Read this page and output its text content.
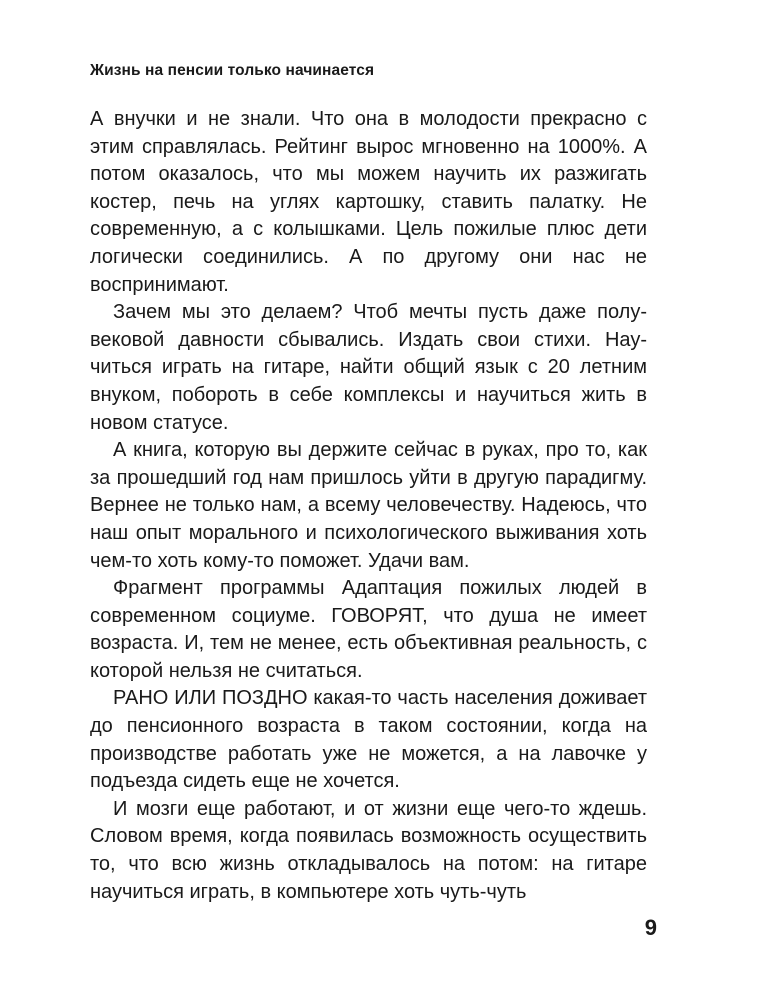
Жизнь на пенсии только начинается

А внучки и не знали. Что она в молодости прекрасно с этим справлялась. Рейтинг вырос мгновенно на 1000%. А потом оказалось, что мы можем научить их разжигать костер, печь на углях картошку, ставить палатку. Не современную, а с колышками. Цель пожилые плюс дети логически соединились. А по другому они нас не воспринимают.

Зачем мы это делаем? Чтоб мечты пусть даже полувековой давности сбывались. Издать свои стихи. Научиться играть на гитаре, найти общий язык с 20 летним внуком, побороть в себе комплексы и научиться жить в новом статусе.

А книга, которую вы держите сейчас в руках, про то, как за прошедший год нам пришлось уйти в другую парадигму. Вернее не только нам, а всему человечеству. Надеюсь, что наш опыт морального и психологического выживания хоть чем-то хоть кому-то поможет. Удачи вам.

Фрагмент программы Адаптация пожилых людей в современном социуме. ГОВОРЯТ, что душа не имеет возраста. И, тем не менее, есть объективная реальность, с которой нельзя не считаться.

РАНО ИЛИ ПОЗДНО какая-то часть населения доживает до пенсионного возраста в таком состоянии, когда на производстве работать уже не можется, а на лавочке у подъезда сидеть еще не хочется.

И мозги еще работают, и от жизни еще чего-то ждешь. Словом время, когда появилась возможность осуществить то, что всю жизнь откладывалось на потом: на гитаре научиться играть, в компьютере хоть чуть-чуть

9
